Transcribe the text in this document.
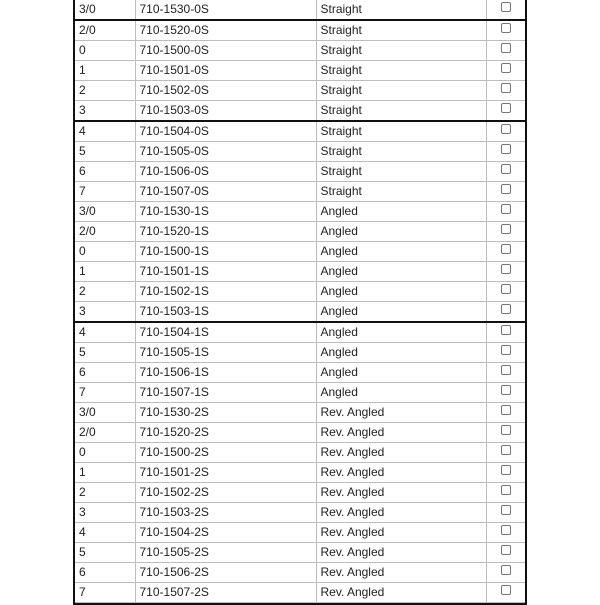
3/0	710-1530-0S	Straight	
2/0	710-1520-0S	Straight	
0	710-1500-0S	Straight	
1	710-1501-0S	Straight	
2	710-1502-0S	Straight	
3	710-1503-0S	Straight	
4	710-1504-0S	Straight	
5	710-1505-0S	Straight	
6	710-1506-0S	Straight	
7	710-1507-0S	Straight	
3/0	710-1530-1S	Angled	
2/0	710-1520-1S	Angled	
0	710-1500-1S	Angled	
1	710-1501-1S	Angled	
2	710-1502-1S	Angled	
3	710-1503-1S	Angled	
4	710-1504-1S	Angled	
5	710-1505-1S	Angled	
6	710-1506-1S	Angled	
7	710-1507-1S	Angled	
3/0	710-1530-2S	Rev. Angled	
2/0	710-1520-2S	Rev. Angled	
0	710-1500-2S	Rev. Angled	
1	710-1501-2S	Rev. Angled	
2	710-1502-2S	Rev. Angled	
3	710-1503-2S	Rev. Angled	
4	710-1504-2S	Rev. Angled	
5	710-1505-2S	Rev. Angled	
6	710-1506-2S	Rev. Angled	
7	710-1507-2S	Rev. Angled	
